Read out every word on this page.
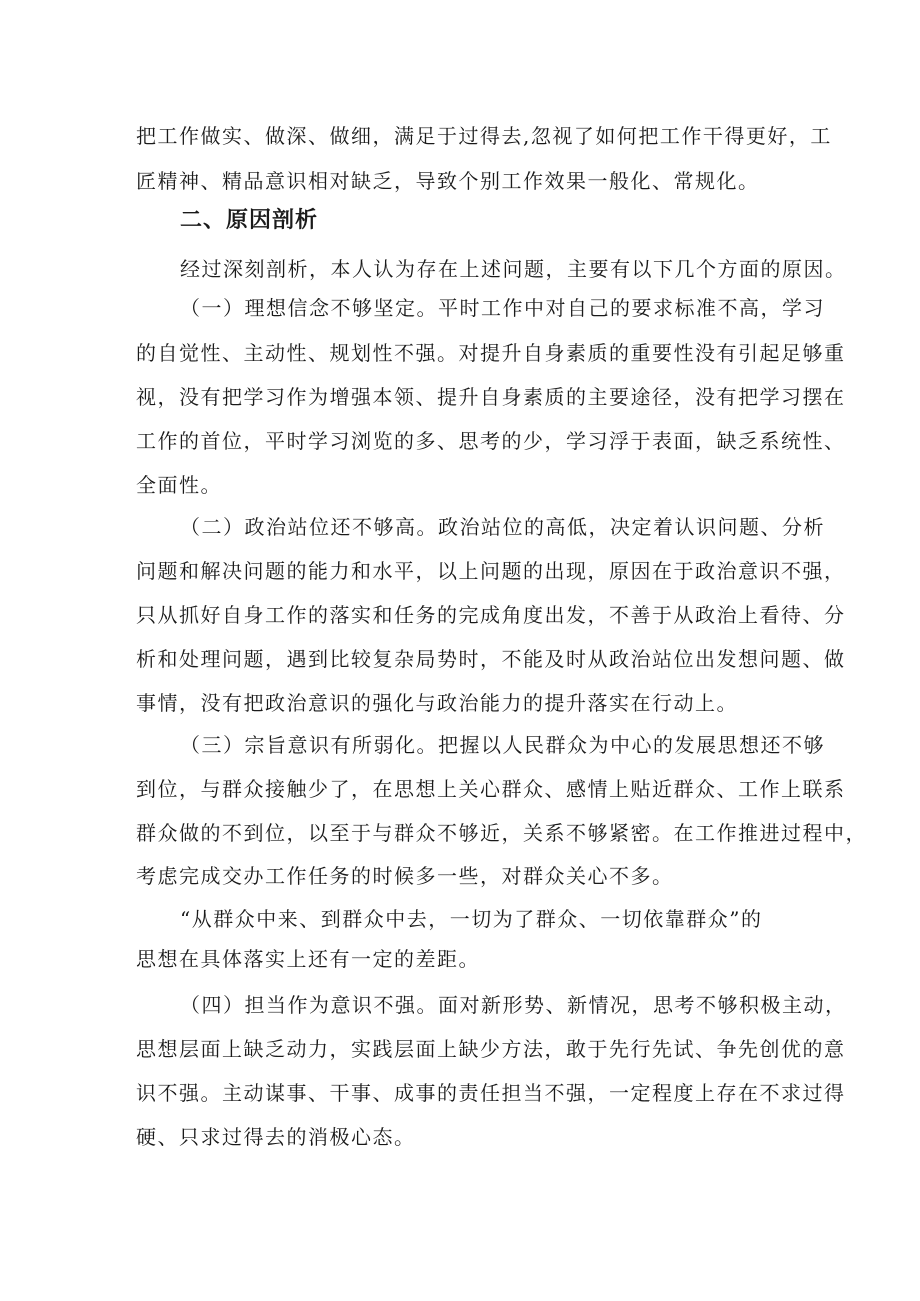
把工作做实、做深、做细，满足于过得去,忽视了如何把工作干得更好，工
匠精神、精品意识相对缺乏，导致个别工作效果一般化、常规化。
二、原因剖析
经过深刻剖析，本人认为存在上述问题，主要有以下几个方面的原因。
（一）理想信念不够坚定。平时工作中对自己的要求标准不高，学习
的自觉性、主动性、规划性不强。对提升自身素质的重要性没有引起足够重
视，没有把学习作为增强本领、提升自身素质的主要途径，没有把学习摆在
工作的首位，平时学习浏览的多、思考的少，学习浮于表面，缺乏系统性、
全面性。
（二）政治站位还不够高。政治站位的高低，决定着认识问题、分析
问题和解决问题的能力和水平，以上问题的出现，原因在于政治意识不强，
只从抓好自身工作的落实和任务的完成角度出发，不善于从政治上看待、分
析和处理问题，遇到比较复杂局势时，不能及时从政治站位出发想问题、做
事情，没有把政治意识的强化与政治能力的提升落实在行动上。
（三）宗旨意识有所弱化。把握以人民群众为中心的发展思想还不够
到位，与群众接触少了，在思想上关心群众、感情上贴近群众、工作上联系
群众做的不到位，以至于与群众不够近，关系不够紧密。在工作推进过程中，
考虑完成交办工作任务的时候多一些，对群众关心不多。
“从群众中来、到群众中去，一切为了群众、一切依靠群众”的
思想在具体落实上还有一定的差距。
（四）担当作为意识不强。面对新形势、新情况，思考不够积极主动，
思想层面上缺乏动力，实践层面上缺少方法，敢于先行先试、争先创优的意
识不强。主动谋事、干事、成事的责任担当不强，一定程度上存在不求过得
硬、只求过得去的消极心态。
